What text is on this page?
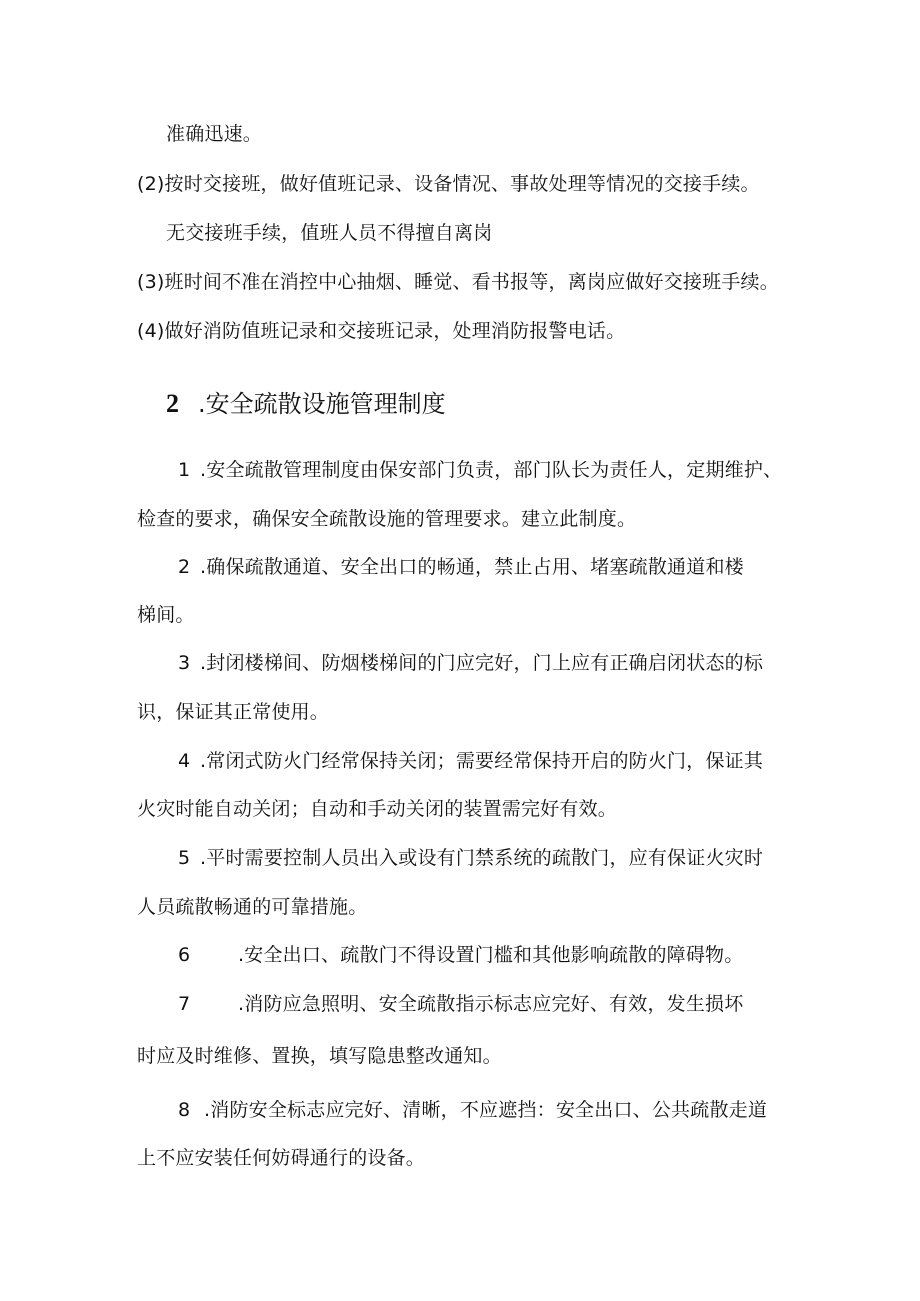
准确迅速。
(2)按时交接班，做好值班记录、设备情况、事故处理等情况的交接手续。
无交接班手续，值班人员不得擅自离岗
(3)班时间不准在消控中心抽烟、睡觉、看书报等，离岗应做好交接班手续。
(4)做好消防值班记录和交接班记录，处理消防报警电话。
2 .安全疏散设施管理制度
1 .安全疏散管理制度由保安部门负责，部门队长为责任人，定期维护、
检查的要求，确保安全疏散设施的管理要求。建立此制度。
2 .确保疏散通道、安全出口的畅通，禁止占用、堵塞疏散通道和楼
梯间。
3 .封闭楼梯间、防烟楼梯间的门应完好，门上应有正确启闭状态的标
识，保证其正常使用。
4 .常闭式防火门经常保持关闭；需要经常保持开启的防火门，保证其
火灾时能自动关闭；自动和手动关闭的装置需完好有效。
5 .平时需要控制人员出入或设有门禁系统的疏散门，应有保证火灾时
人员疏散畅通的可靠措施。
6	.安全出口、疏散门不得设置门槛和其他影响疏散的障碍物。
7	.消防应急照明、安全疏散指示标志应完好、有效，发生损坏
时应及时维修、置换，填写隐患整改通知。
8 .消防安全标志应完好、清晰，不应遮挡：安全出口、公共疏散走道
上不应安装任何妨碍通行的设备。
